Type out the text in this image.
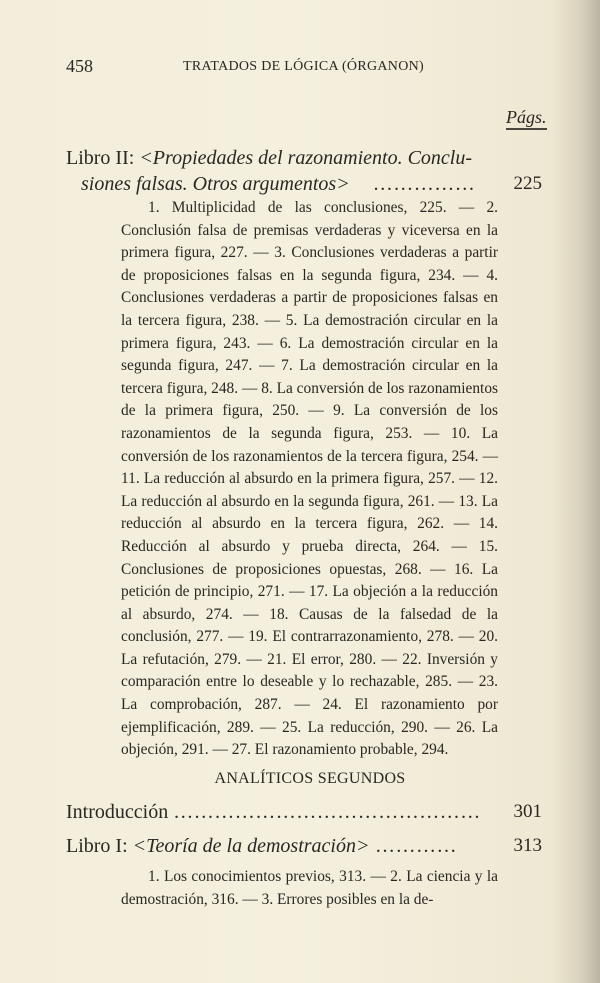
458	TRATADOS DE LÓGICA (ÓRGANON)
Págs.
Libro II: <Propiedades del razonamiento. Conclu-
siones falsas. Otros argumentos> …………… 225
1. Multiplicidad de las conclusiones, 225. — 2. Conclusión falsa de premisas verdaderas y viceversa en la primera figura, 227. — 3. Conclusiones verdaderas a partir de proposiciones falsas en la segunda figura, 234. — 4. Conclusiones verdaderas a partir de proposiciones falsas en la tercera figura, 238. — 5. La demostración circular en la primera figura, 243. — 6. La demostración circular en la segunda figura, 247. — 7. La demostración circular en la tercera figura, 248. — 8. La conversión de los razonamientos de la primera figura, 250. — 9. La conversión de los razonamientos de la segunda figura, 253. — 10. La conversión de los razonamientos de la tercera figura, 254. — 11. La reducción al absurdo en la primera figura, 257. — 12. La reducción al absurdo en la segunda figura, 261. — 13. La reducción al absurdo en la tercera figura, 262. — 14. Reducción al absurdo y prueba directa, 264. — 15. Conclusiones de proposiciones opuestas, 268. — 16. La petición de principio, 271. — 17. La objeción a la reducción al absurdo, 274. — 18. Causas de la falsedad de la conclusión, 277. — 19. El contrarrazonamiento, 278. — 20. La refutación, 279. — 21. El error, 280. — 22. Inversión y comparación entre lo deseable y lo rechazable, 285. — 23. La comprobación, 287. — 24. El razonamiento por ejemplificación, 289. — 25. La reducción, 290. — 26. La objeción, 291. — 27. El razonamiento probable, 294.
ANALÍTICOS SEGUNDOS
Introducción ……………………………………… 301
Libro I: <Teoría de la demostración> …………	313
1. Los conocimientos previos, 313. — 2. La ciencia y la demostración, 316. — 3. Errores posibles en la de-
